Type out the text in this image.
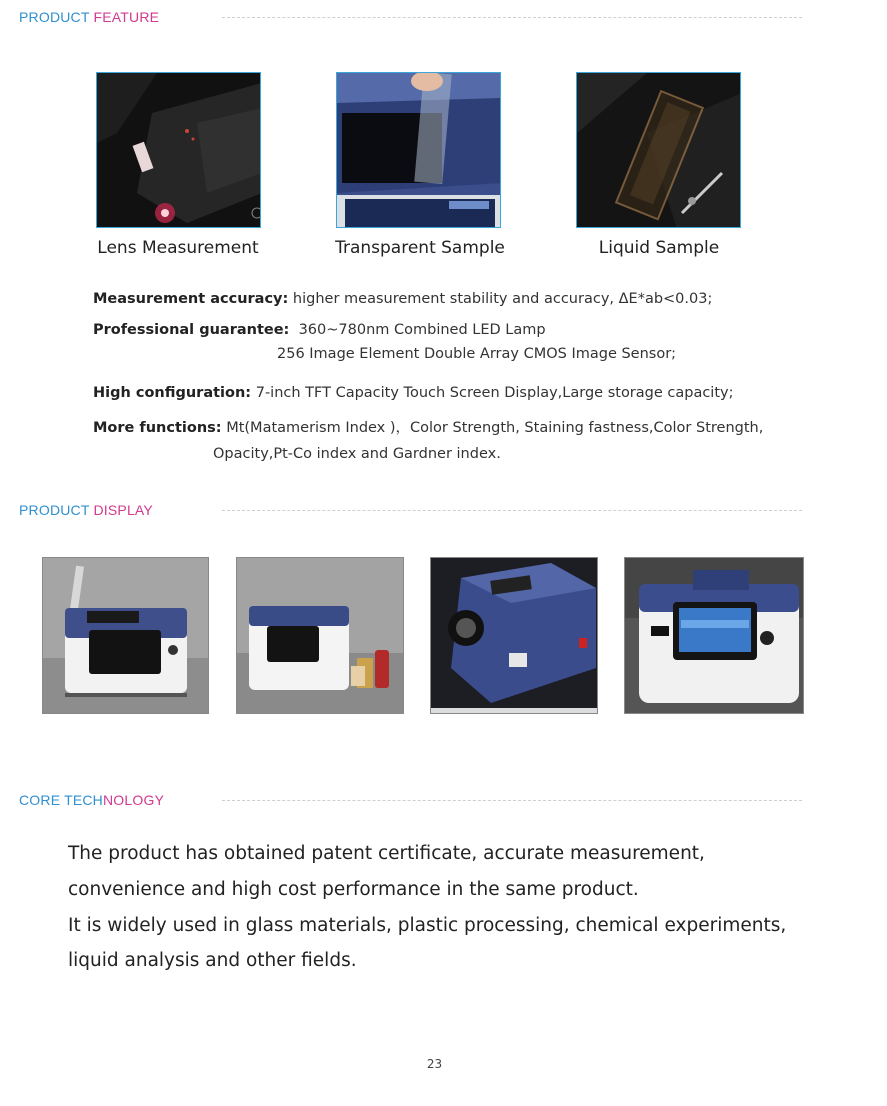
PRODUCT FEATURE
Lens Measurement	Transparent Sample	Liquid Sample
Measurement accuracy: higher measurement stability and accuracy, ΔE*ab<0.03;
Professional guarantee: 360~780nm Combined LED Lamp
256 Image Element Double Array CMOS Image Sensor;
High configuration: 7-inch TFT Capacity Touch Screen Display,Large storage capacity;
More functions: Mt(Matamerism Index )，Color Strength, Staining fastness,Color Strength,
Opacity,Pt-Co index and Gardner index.
PRODUCT DISPLAY
CORE TECHNOLOGY
The product has obtained patent certificate, accurate measurement,
convenience and high cost performance in the same product.
It is widely used in glass materials, plastic processing, chemical experiments,
liquid analysis and other fields.
23
